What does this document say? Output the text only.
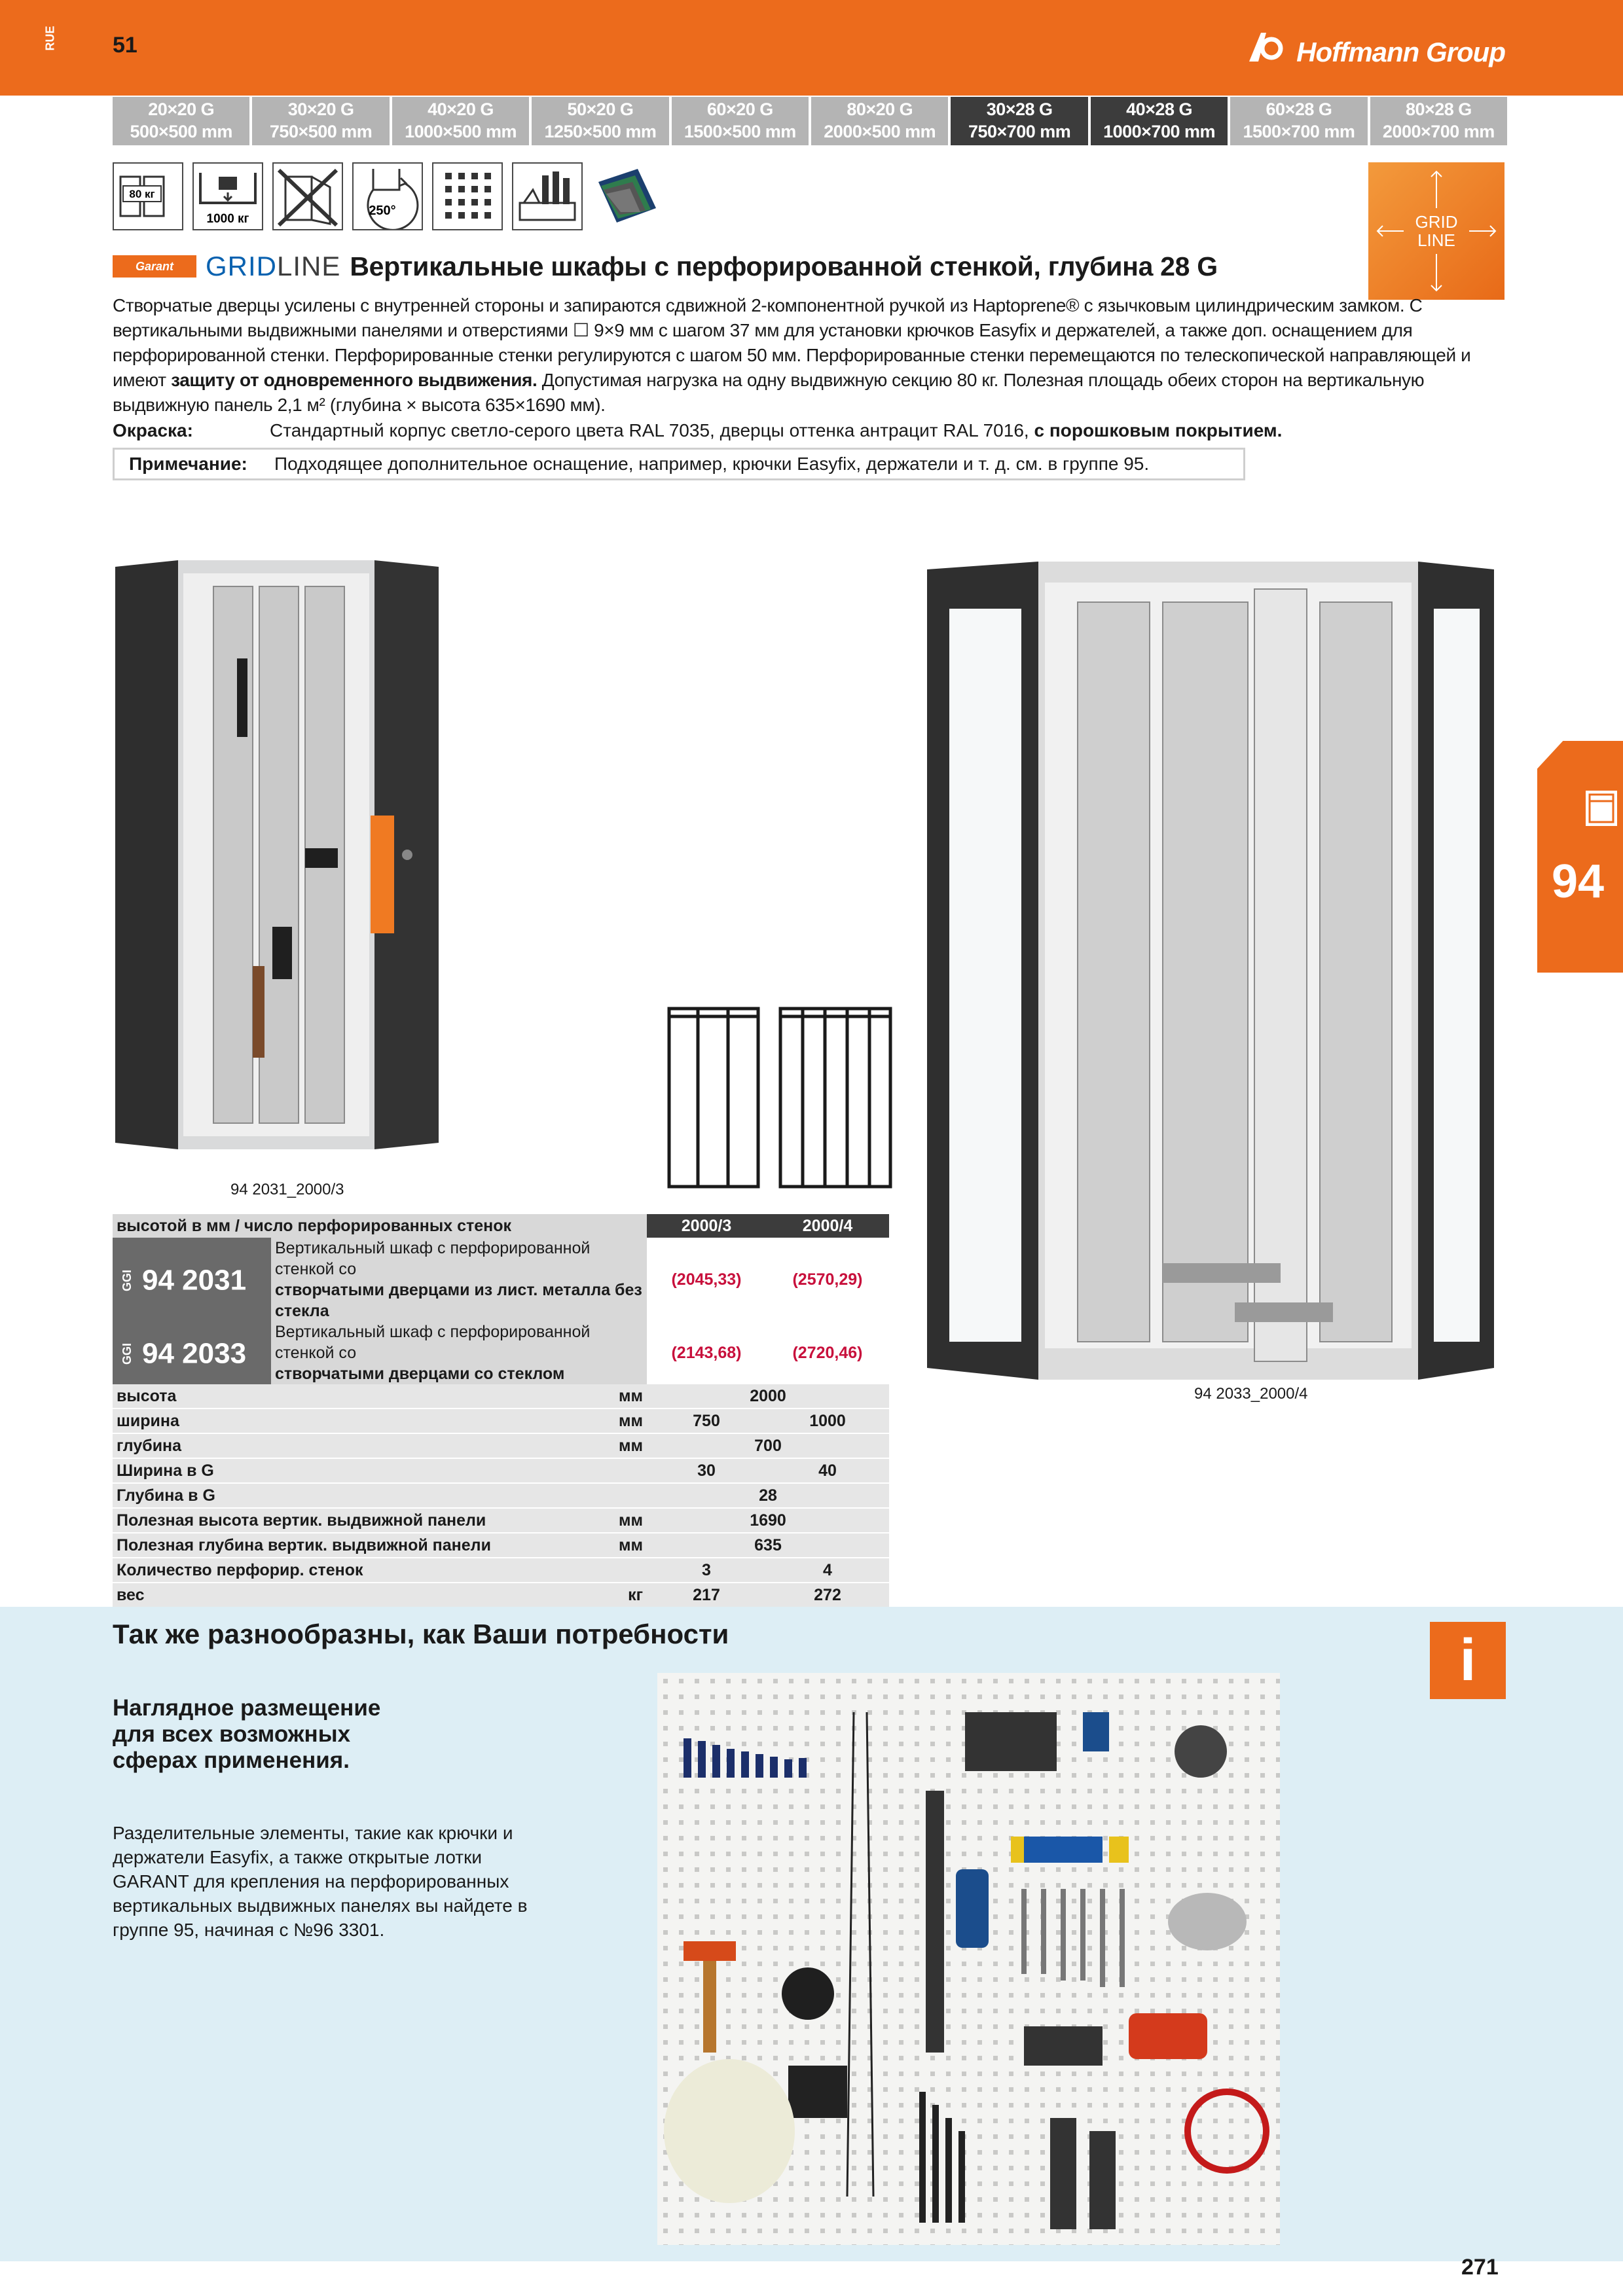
RUE	51	Hoffmann Group
20×20 G
500×500 mm
30×20 G
750×500 mm
40×20 G
1000×500 mm
50×20 G
1250×500 mm
60×20 G
1500×500 mm
80×20 G
2000×500 mm
30×28 G
750×700 mm
40×28 G
1000×700 mm
60×28 G
1500×700 mm
80×28 G
2000×700 mm
80 кг
1000 кг
250°
GRID
LINE
Garant	GRIDLINE Вертикальные шкафы с перфорированной стенкой, глубина 28 G
Створчатые дверцы усилены с внутренней стороны и запираются сдвижной 2-компонентной ручкой из Haptoprene® с язычковым цилиндрическим замком. С вертикальными выдвижными панелями и отверстиями ☐ 9×9 мм с шагом 37 мм для установки крючков Easyfix и держателей, а также доп. оснащением для перфорированной стенки. Перфорированные стенки регулируются с шагом 50 мм. Перфорированные стенки перемещаются по телескопической направляющей и имеют защиту от одновременного выдвижения. Допустимая нагрузка на одну выдвижную секцию 80 кг. Полезная площадь обеих сторон на вертикальную выдвижную панель 2,1 м² (глубина × высота 635×1690 мм).
Окраска:	Стандартный корпус светло-серого цвета RAL 7035, дверцы оттенка антрацит RAL 7016, с порошковым покрытием.
Примечание:	Подходящее дополнительное оснащение, например, крючки Easyfix, держатели и т. д. см. в группе 95.
94 2031_2000/3
94 2033_2000/4
высотой в мм / число перфорированных стенок			2000/3	2000/4
GGI 94 2031	Вертикальный шкаф с перфорированной стенкой со
створчатыми дверцами из лист. металла без стекла		(2045,33)	(2570,29)
GGI 94 2033	Вертикальный шкаф с перфорированной стенкой со
створчатыми дверцами со стеклом		(2143,68)	(2720,46)
высота		мм	2000	
ширина		мм	750	1000
глубина		мм	700	
Ширина в G			30	40
Глубина в G			28	
Полезная высота вертик. выдвижной панели		мм	1690	
Полезная глубина вертик. выдвижной панели		мм	635	
Количество перфорир. стенок			3	4
вес		кг	217	272
94
Так же разнообразны, как Ваши потребности	i
Наглядное размещение для всех возможных сферах применения.
Разделительные элементы, такие как крючки и держатели Easyfix, а также открытые лотки GARANT для крепления на перфорированных вертикальных выдвижных панелях вы найдете в группе 95, начиная с №96 3301.
271
